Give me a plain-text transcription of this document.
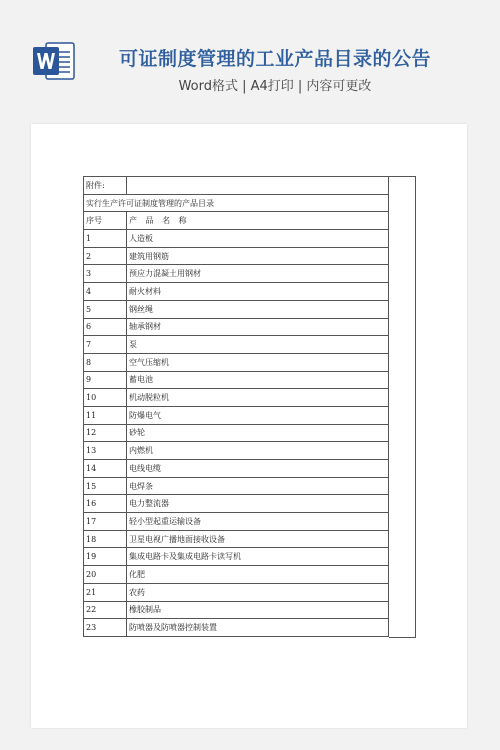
可证制度管理的工业产品目录的公告
Word格式 | A4打印 | 内容可更改
附件:	
实行生产许可证制度管理的产品目录	
序号	产 品 名 称
1	人造板
2	建筑用钢筋
3	预应力混凝土用钢材
4	耐火材料
5	钢丝绳
6	轴承钢材
7	泵
8	空气压缩机
9	蓄电池
10	机动脱粒机
11	防爆电气
12	砂轮
13	内燃机
14	电线电缆
15	电焊条
16	电力整流器
17	轻小型起重运输设备
18	卫星电视广播地面接收设备
19	集成电路卡及集成电路卡读写机
20	化肥
21	农药
22	橡胶制品
23	防喷器及防喷器控制装置
